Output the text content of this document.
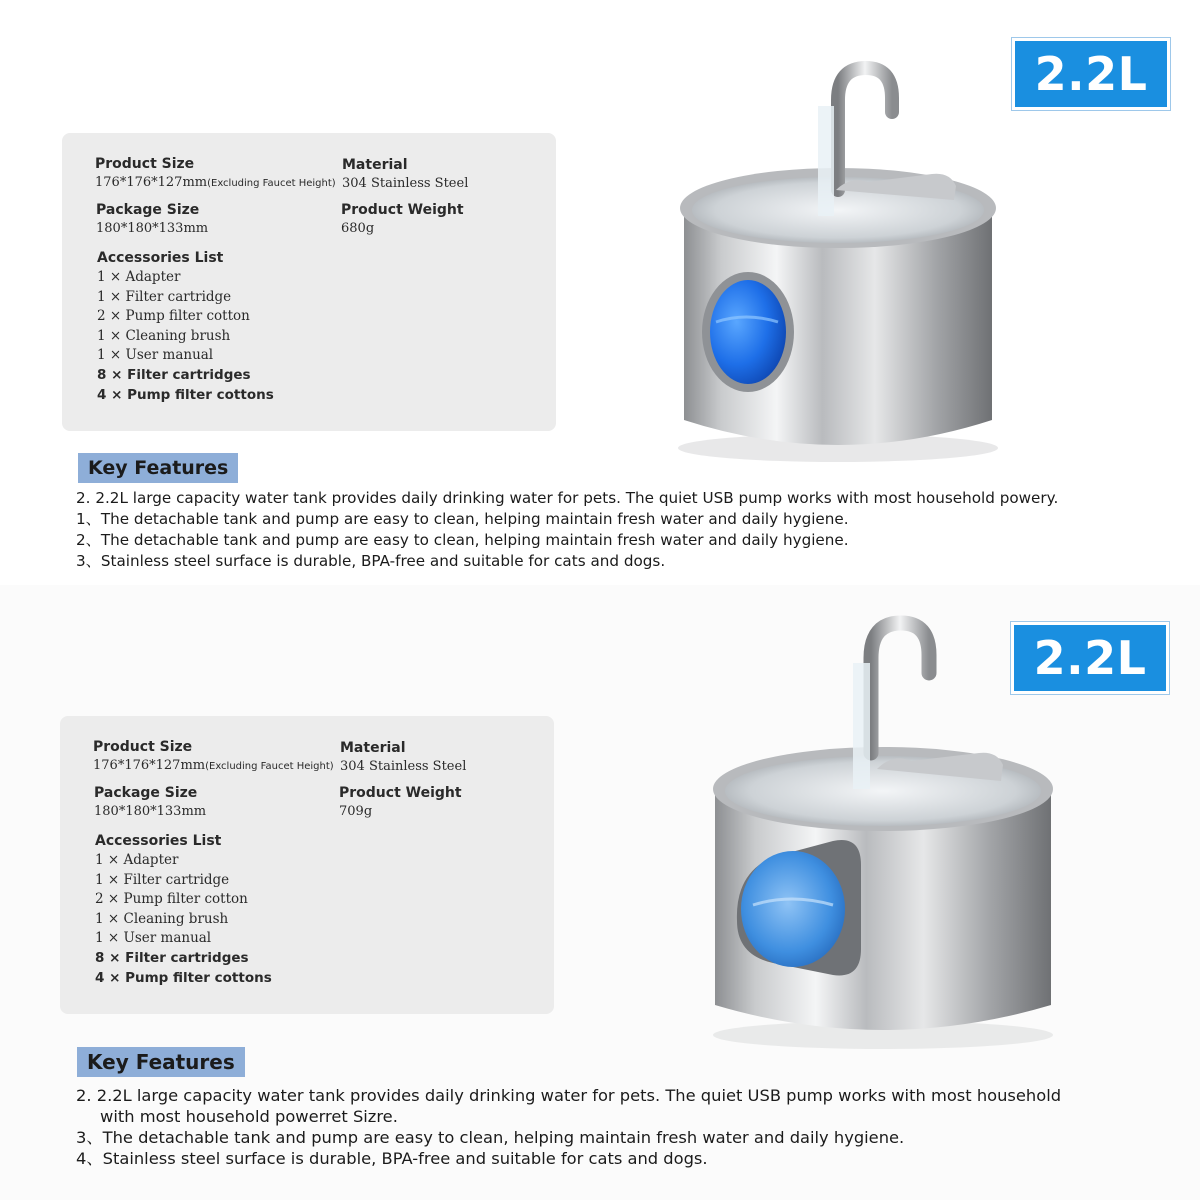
Product Size
176*176*127mm(Excluding Faucet Height)
Material
304 Stainless Steel
Package Size
180*180*133mm
Product Weight
680g
Accessories List
1 × Adapter
1 × Filter cartridge
2 × Pump filter cotton
1 × Cleaning brush
1 × User manual
8 × Filter cartridges
4 × Pump filter cottons
2.2L
Key Features
2. 2.2L large capacity water tank provides daily drinking water for pets. The quiet USB pump works with most household powery.
1、The detachable tank and pump are easy to clean, helping maintain fresh water and daily hygiene.
2、The detachable tank and pump are easy to clean, helping maintain fresh water and daily hygiene.
3、Stainless steel surface is durable, BPA-free and suitable for cats and dogs.
Product Size
176*176*127mm(Excluding Faucet Height)
Material
304 Stainless Steel
Package Size
180*180*133mm
Product Weight
709g
Accessories List
1 × Adapter
1 × Filter cartridge
2 × Pump filter cotton
1 × Cleaning brush
1 × User manual
8 × Filter cartridges
4 × Pump filter cottons
2.2L
Key Features
2. 2.2L large capacity water tank provides daily drinking water for pets. The quiet USB pump works with most household
with most household powerret Sizre.
3、The detachable tank and pump are easy to clean, helping maintain fresh water and daily hygiene.
4、Stainless steel surface is durable, BPA-free and suitable for cats and dogs.
